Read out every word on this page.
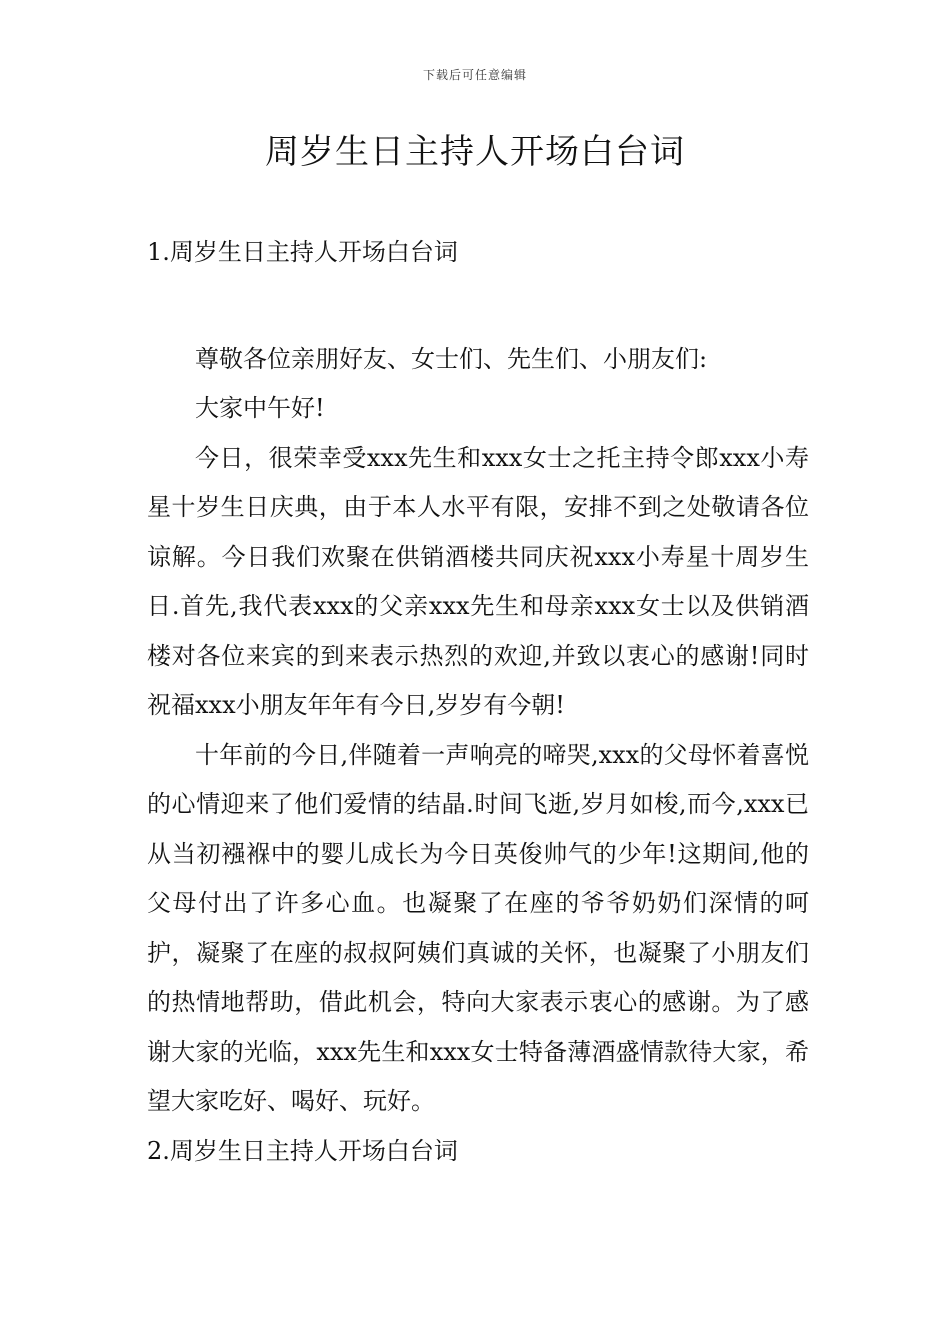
下载后可任意编辑
周岁生日主持人开场白台词
1.周岁生日主持人开场白台词

尊敬各位亲朋好友、女士们、先生们、小朋友们:

大家中午好!

今日，很荣幸受xxx先生和xxx女士之托主持令郎xxx小寿星十岁生日庆典，由于本人水平有限，安排不到之处敬请各位谅解。今日我们欢聚在供销酒楼共同庆祝xxx小寿星十周岁生日.首先,我代表xxx的父亲xxx先生和母亲xxx女士以及供销酒楼对各位来宾的到来表示热烈的欢迎,并致以衷心的感谢!同时祝福xxx小朋友年年有今日,岁岁有今朝!

十年前的今日,伴随着一声响亮的啼哭,xxx的父母怀着喜悦的心情迎来了他们爱情的结晶.时间飞逝,岁月如梭,而今,xxx已从当初襁褓中的婴儿成长为今日英俊帅气的少年!这期间,他的父母付出了许多心血。也凝聚了在座的爷爷奶奶们深情的呵护，凝聚了在座的叔叔阿姨们真诚的关怀，也凝聚了小朋友们的热情地帮助，借此机会，特向大家表示衷心的感谢。为了感谢大家的光临，xxx先生和xxx女士特备薄酒盛情款待大家，希望大家吃好、喝好、玩好。

2.周岁生日主持人开场白台词
